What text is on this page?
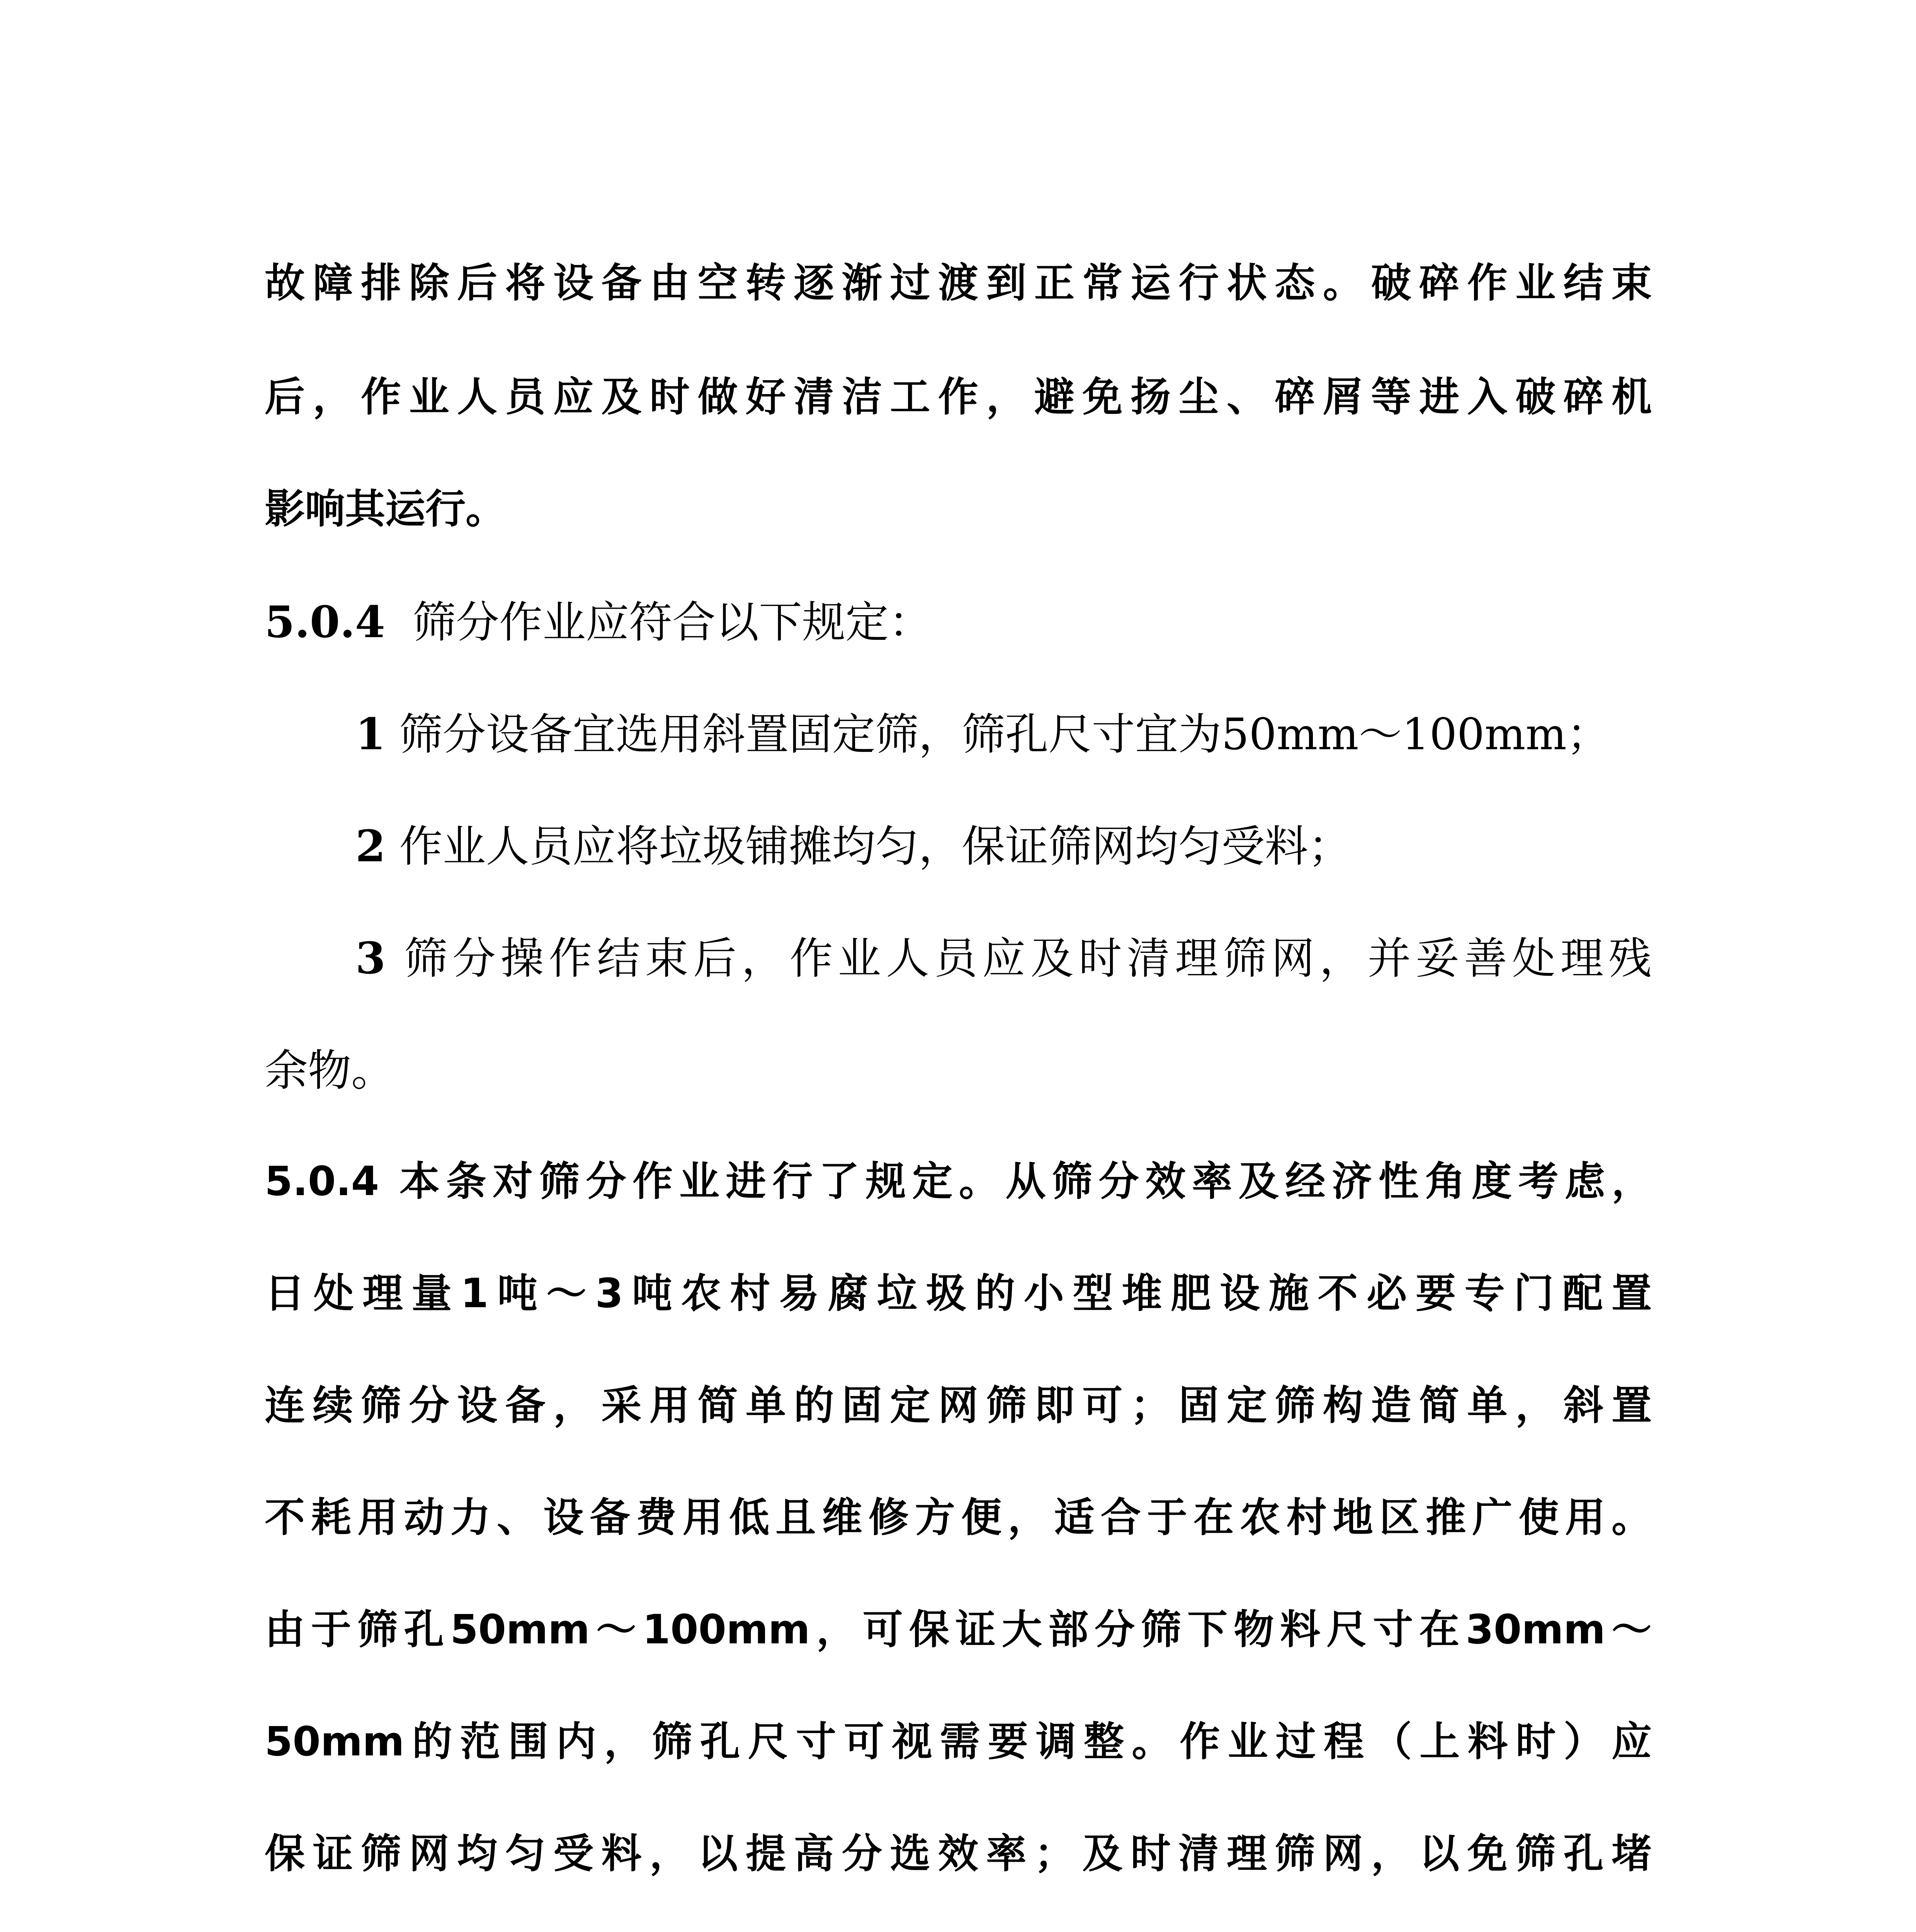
故障排除后将设备由空转逐渐过渡到正常运行状态。破碎作业结束
后，作业人员应及时做好清洁工作，避免扬尘、碎屑等进入破碎机
影响其运行。
5.0.4 筛分作业应符合以下规定：
1 筛分设备宜选用斜置固定筛，筛孔尺寸宜为50mm～100mm；
2 作业人员应将垃圾铺摊均匀，保证筛网均匀受料；
3 筛分操作结束后，作业人员应及时清理筛网，并妥善处理残
余物。
5.0.4 本条对筛分作业进行了规定。从筛分效率及经济性角度考虑，
日处理量1吨～3吨农村易腐垃圾的小型堆肥设施不必要专门配置
连续筛分设备，采用简单的固定网筛即可；固定筛构造简单，斜置
不耗用动力、设备费用低且维修方便，适合于在农村地区推广使用。
由于筛孔50mm～100mm，可保证大部分筛下物料尺寸在30mm～
50mm的范围内，筛孔尺寸可视需要调整。作业过程（上料时）应
保证筛网均匀受料，以提高分选效率；及时清理筛网，以免筛孔堵
